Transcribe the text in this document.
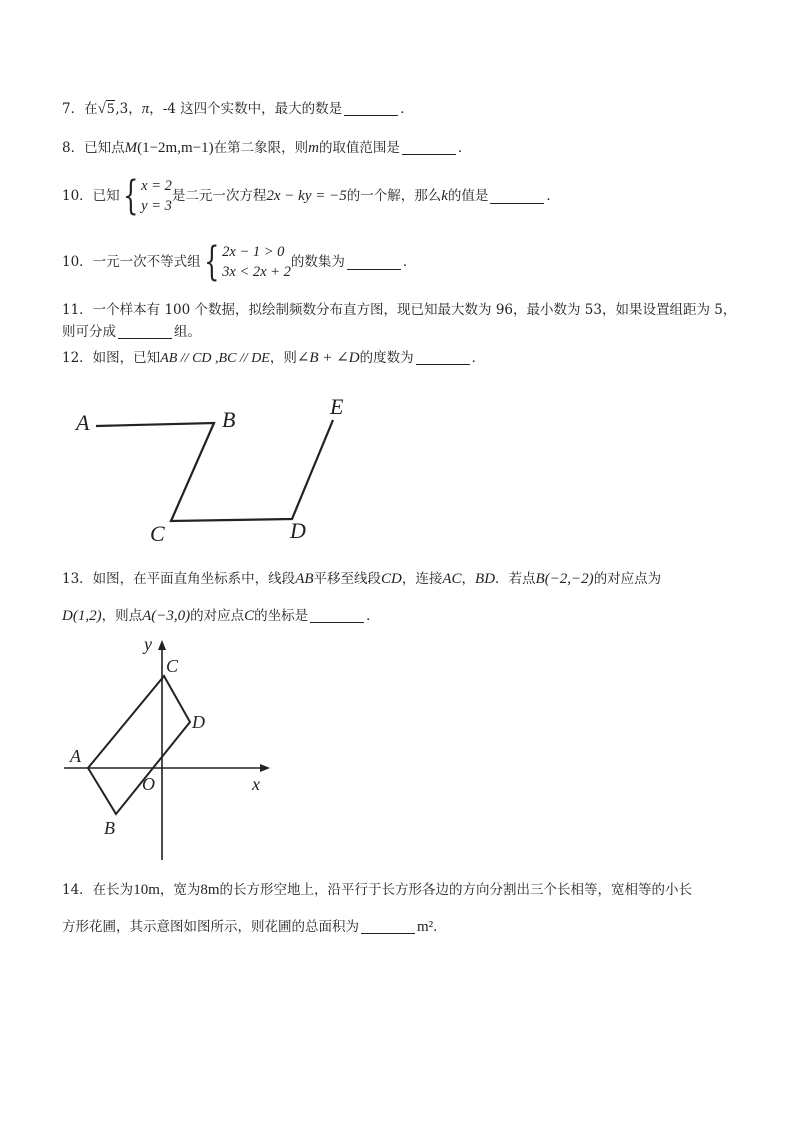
7．在√5,3，π，-4 这四个实数中，最大的数是	．
8．已知点M(1−2m,m−1)在第二象限，则m的取值范围是	．
10．已知{ x = 2
y = 3是二元一次方程2x − ky = −5的一个解，那么k的值是	．
10．一元一次不等式组{ 2x − 1 > 0
3x < 2x + 2的数集为	．
11．一个样本有 100 个数据，拟绘制频数分布直方图，现已知最大数为 96，最小数为 53，如果设置组距为 5，
则可分成	组。
12．如图，已知AB // CD ,BC // DE，则∠B + ∠D的度数为	．
A	B
C	D
E
13．如图，在平面直角坐标系中，线段AB平移至线段CD，连接AC，BD．若点B(−2,−2)的对应点为
D(1,2)，则点A(−3,0)的对应点C的坐标是	．
y
x
O
A
B
C
D
14．在长为10m，宽为8m的长方形空地上，沿平行于长方形各边的方向分割出三个长相等，宽相等的小长
方形花圃，其示意图如图所示，则花圃的总面积为	m²．
